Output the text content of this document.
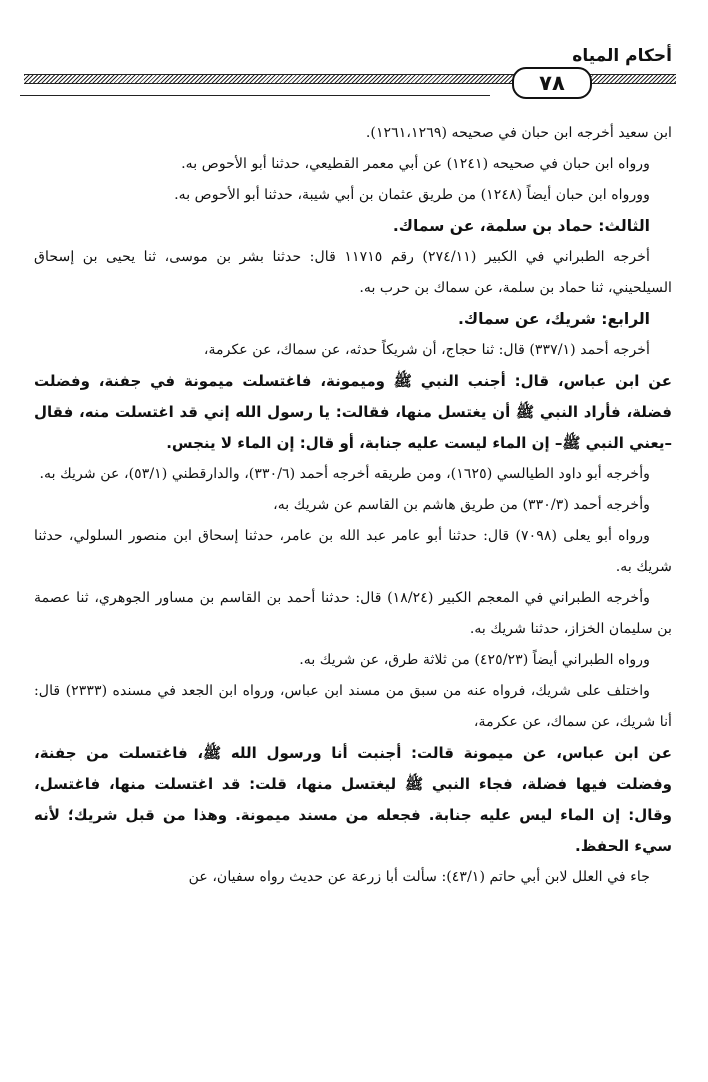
أحكام المياه
٧٨

ابن سعيد أخرجه ابن حبان في صحيحه (١٢٦١،١٢٦٩).

ورواه ابن حبان في صحيحه (١٢٤١) عن أبي معمر القطيعي، حدثنا أبو الأحوص به.

وورواه ابن حبان أيضاً (١٢٤٨) من طريق عثمان بن أبي شيبة، حدثنا أبو الأحوص به.

الثالث: حماد بن سلمة، عن سماك.

أخرجه الطبراني في الكبير (٢٧٤/١١) رقم ١١٧١٥ قال: حدثنا بشر بن موسى، ثنا يحيى بن إسحاق السيلحيني، ثنا حماد بن سلمة، عن سماك بن حرب به.

الرابع: شريك، عن سماك.

أخرجه أحمد (٣٣٧/١) قال: ثنا حجاج، أن شريكاً حدثه، عن سماك، عن عكرمة،

عن ابن عباس، قال: أجنب النبي ﷺ وميمونة، فاغتسلت ميمونة في جفنة، وفضلت فضلة، فأراد النبي ﷺ أن يغتسل منها، فقالت: يا رسول الله إني قد اغتسلت منه، فقال –يعني النبي ﷺ– إن الماء ليست عليه جنابة، أو قال: إن الماء لا ينجس.

وأخرجه أبو داود الطيالسي (١٦٢٥)، ومن طريقه أخرجه أحمد (٣٣٠/٦)، والدارقطني (٥٣/١)، عن شريك به.

وأخرجه أحمد (٣٣٠/٣) من طريق هاشم بن القاسم عن شريك به،

ورواه أبو يعلى (٧٠٩٨) قال: حدثنا أبو عامر عبد الله بن عامر، حدثنا إسحاق ابن منصور السلولي، حدثنا شريك به.

وأخرجه الطبراني في المعجم الكبير (١٨/٢٤) قال: حدثنا أحمد بن القاسم بن مساور الجوهري، ثنا عصمة بن سليمان الخزاز، حدثنا شريك به.

ورواه الطبراني أيضاً (٤٢٥/٢٣) من ثلاثة طرق، عن شريك به.

واختلف على شريك، فرواه عنه من سبق من مسند ابن عباس، ورواه ابن الجعد في مسنده (٢٣٣٣) قال: أنا شريك، عن سماك، عن عكرمة،

عن ابن عباس، عن ميمونة قالت: أجنبت أنا ورسول الله ﷺ، فاغتسلت من جفنة، وفضلت فيها فضلة، فجاء النبي ﷺ ليغتسل منها، قلت: قد اغتسلت منها، فاغتسل، وقال: إن الماء ليس عليه جنابة. فجعله من مسند ميمونة. وهذا من قبل شريك؛ لأنه سيء الحفظ.

جاء في العلل لابن أبي حاتم (٤٣/١): سألت أبا زرعة عن حديث رواه سفيان، عن
